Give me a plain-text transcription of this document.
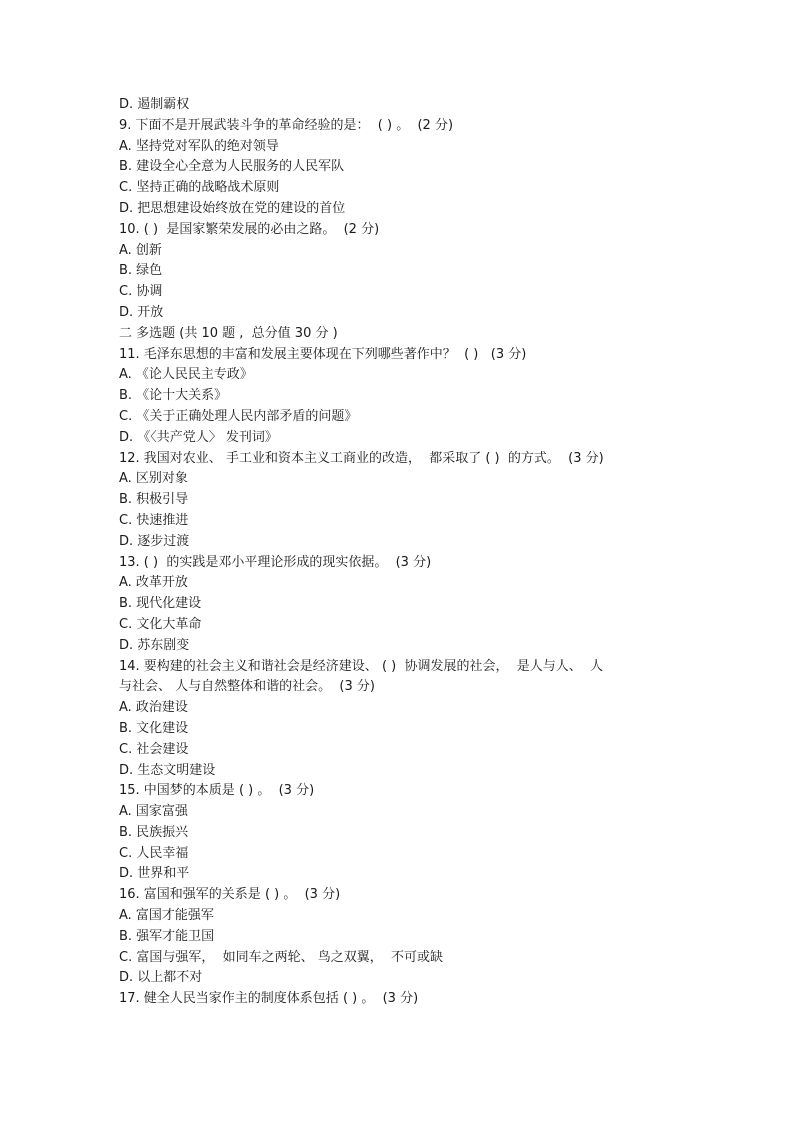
D. 遏制霸权
9. 下面不是开展武装斗争的革命经验的是：  ( ) 。  (2 分)
A. 坚持党对军队的绝对领导
B. 建设全心全意为人民服务的人民军队
C. 坚持正确的战略战术原则
D. 把思想建设始终放在党的建设的首位
10. ( )  是国家繁荣发展的必由之路。  (2 分)
A. 创新
B. 绿色
C. 协调
D. 开放
二 多选题 (共 10 题 ,  总分值 30 分 )
11. 毛泽东思想的丰富和发展主要体现在下列哪些著作中？  ( )   (3 分)
A. 《论人民民主专政》
B. 《论十大关系》
C. 《关于正确处理人民内部矛盾的问题》
D. 《〈共产党人〉 发刊词》
12. 我国对农业、 手工业和资本主义工商业的改造，  都采取了 ( )  的方式。  (3 分)
A. 区别对象
B. 积极引导
C. 快速推进
D. 逐步过渡
13. ( )  的实践是邓小平理论形成的现实依据。  (3 分)
A. 改革开放
B. 现代化建设
C. 文化大革命
D. 苏东剧变
14. 要构建的社会主义和谐社会是经济建设、 ( )  协调发展的社会，  是人与人、  人
与社会、 人与自然整体和谐的社会。  (3 分)
A. 政治建设
B. 文化建设
C. 社会建设
D. 生态文明建设
15. 中国梦的本质是 ( ) 。  (3 分)
A. 国家富强
B. 民族振兴
C. 人民幸福
D. 世界和平
16. 富国和强军的关系是 ( ) 。  (3 分)
A. 富国才能强军
B. 强军才能卫国
C. 富国与强军，  如同车之两轮、 鸟之双翼，  不可或缺
D. 以上都不对
17. 健全人民当家作主的制度体系包括 ( ) 。  (3 分)
